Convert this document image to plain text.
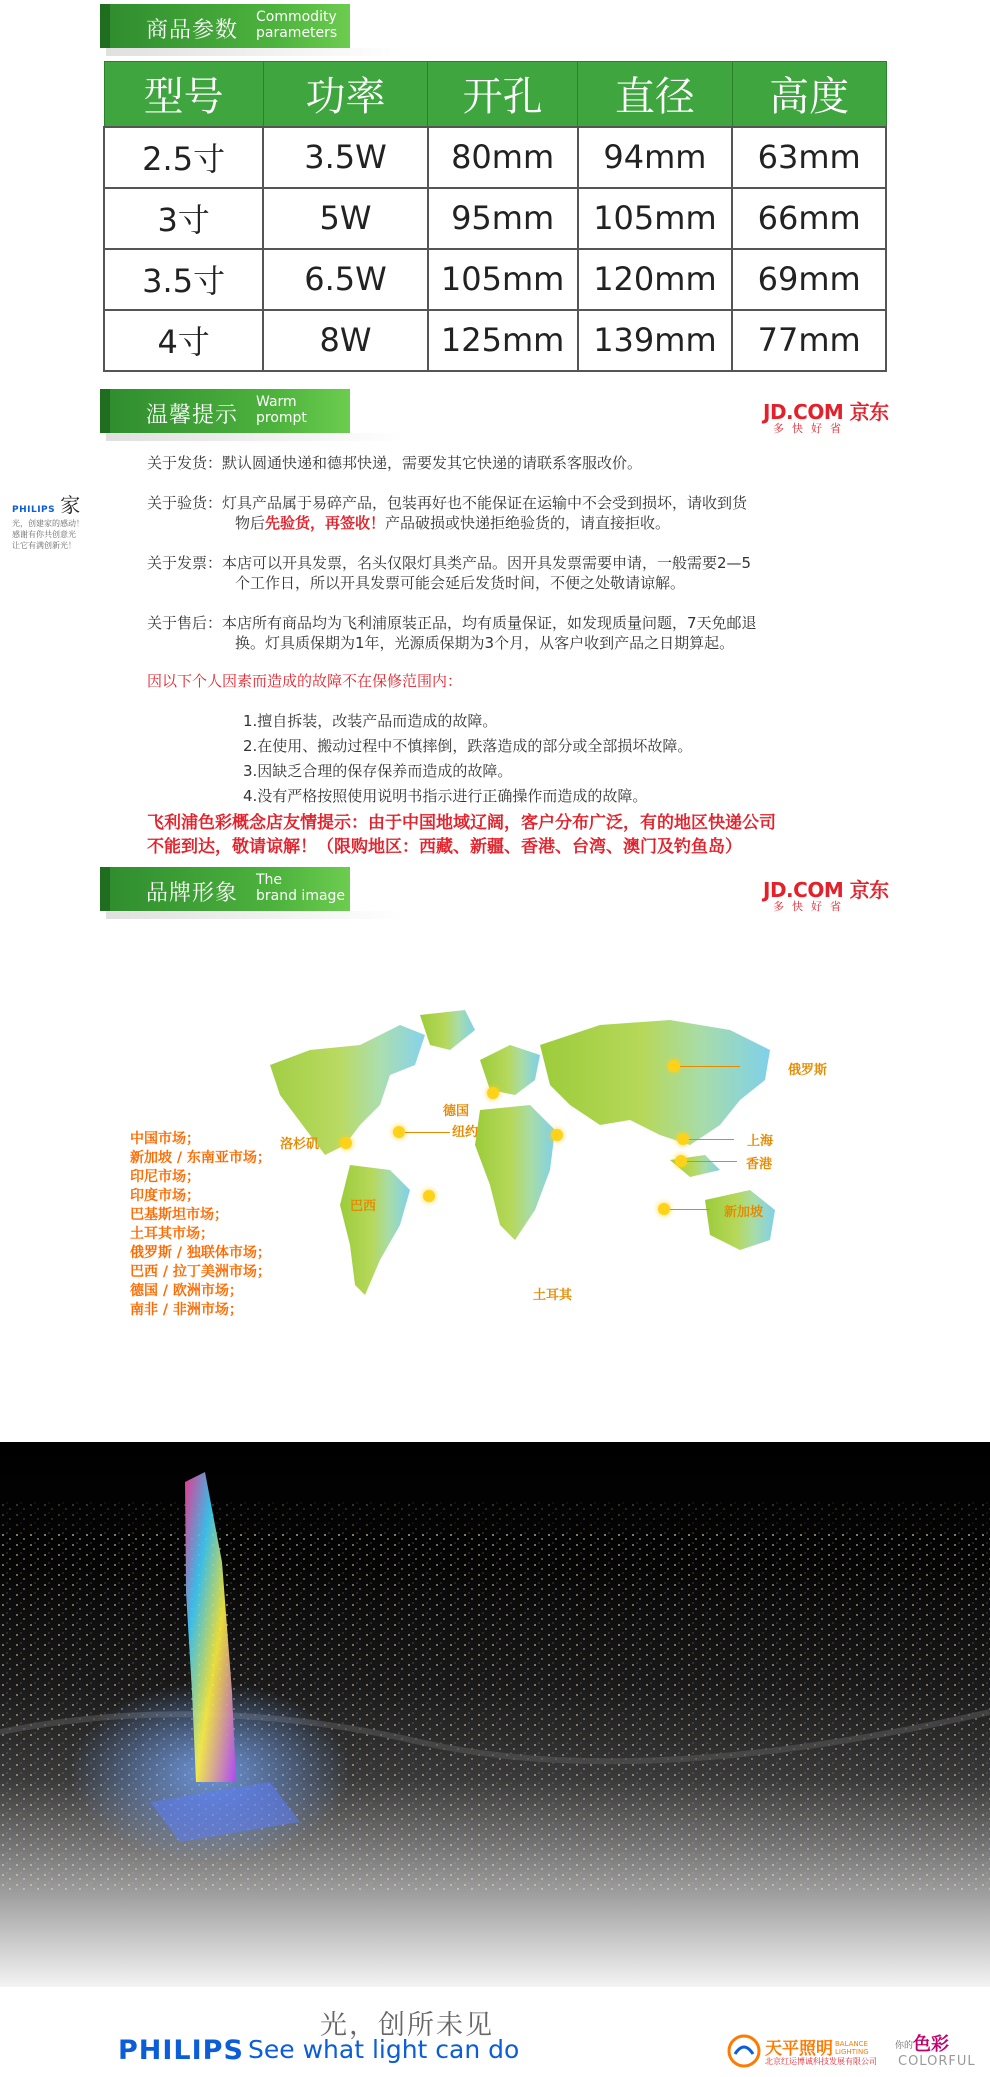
商品参数
Commodity
parameters
型号	功率	开孔	直径	高度
2.5寸	3.5W	80mm	94mm	63mm
3寸	5W	95mm	105mm	66mm
3.5寸	6.5W	105mm	120mm	69mm
4寸	8W	125mm	139mm	77mm
温馨提示
Warm
prompt	JD.COM 京东
多快好省
PHILIPS 家
光，创建家的感动！
感谢有你共创意光
让它有满创新光！
关于发货：默认圆通快递和德邦快递，需要发其它快递的请联系客服改价。
关于验货：灯具产品属于易碎产品，包装再好也不能保证在运输中不会受到损坏，请收到货
物后先验货，再签收！产品破损或快递拒绝验货的，请直接拒收。
关于发票：本店可以开具发票，名头仅限灯具类产品。因开具发票需要申请，一般需要2—5
个工作日，所以开具发票可能会延后发货时间，不便之处敬请谅解。
关于售后：本店所有商品均为飞利浦原装正品，均有质量保证，如发现质量问题，7天免邮退
换。灯具质保期为1年，光源质保期为3个月，从客户收到产品之日期算起。
因以下个人因素而造成的故障不在保修范围内：
1.擅自拆装，改装产品而造成的故障。
2.在使用、搬动过程中不慎摔倒，跌落造成的部分或全部损坏故障。
3.因缺乏合理的保存保养而造成的故障。
4.没有严格按照使用说明书指示进行正确操作而造成的故障。
飞利浦色彩概念店友情提示：由于中国地域辽阔，客户分布广泛，有的地区快递公司
不能到达，敬请谅解！（限购地区：西藏、新疆、香港、台湾、澳门及钓鱼岛）
品牌形象
The
brand image	JD.COM 京东
多快好省
俄罗斯
德国
纽约
洛杉矶	上海
香港
巴西	新加坡
土耳其
中国市场；
新加坡 / 东南亚市场；
印尼市场；
印度市场；
巴基斯坦市场；
土耳其市场；
俄罗斯 / 独联体市场；
巴西 / 拉丁美洲市场；
德国 / 欧洲市场；
南非 / 非洲市场；
光，创所未见
PHILIPS See what light can do	天平照明 BALANCE LIGHTING
北京红运博诚科技发展有限公司
你的 色彩
COLORFUL
